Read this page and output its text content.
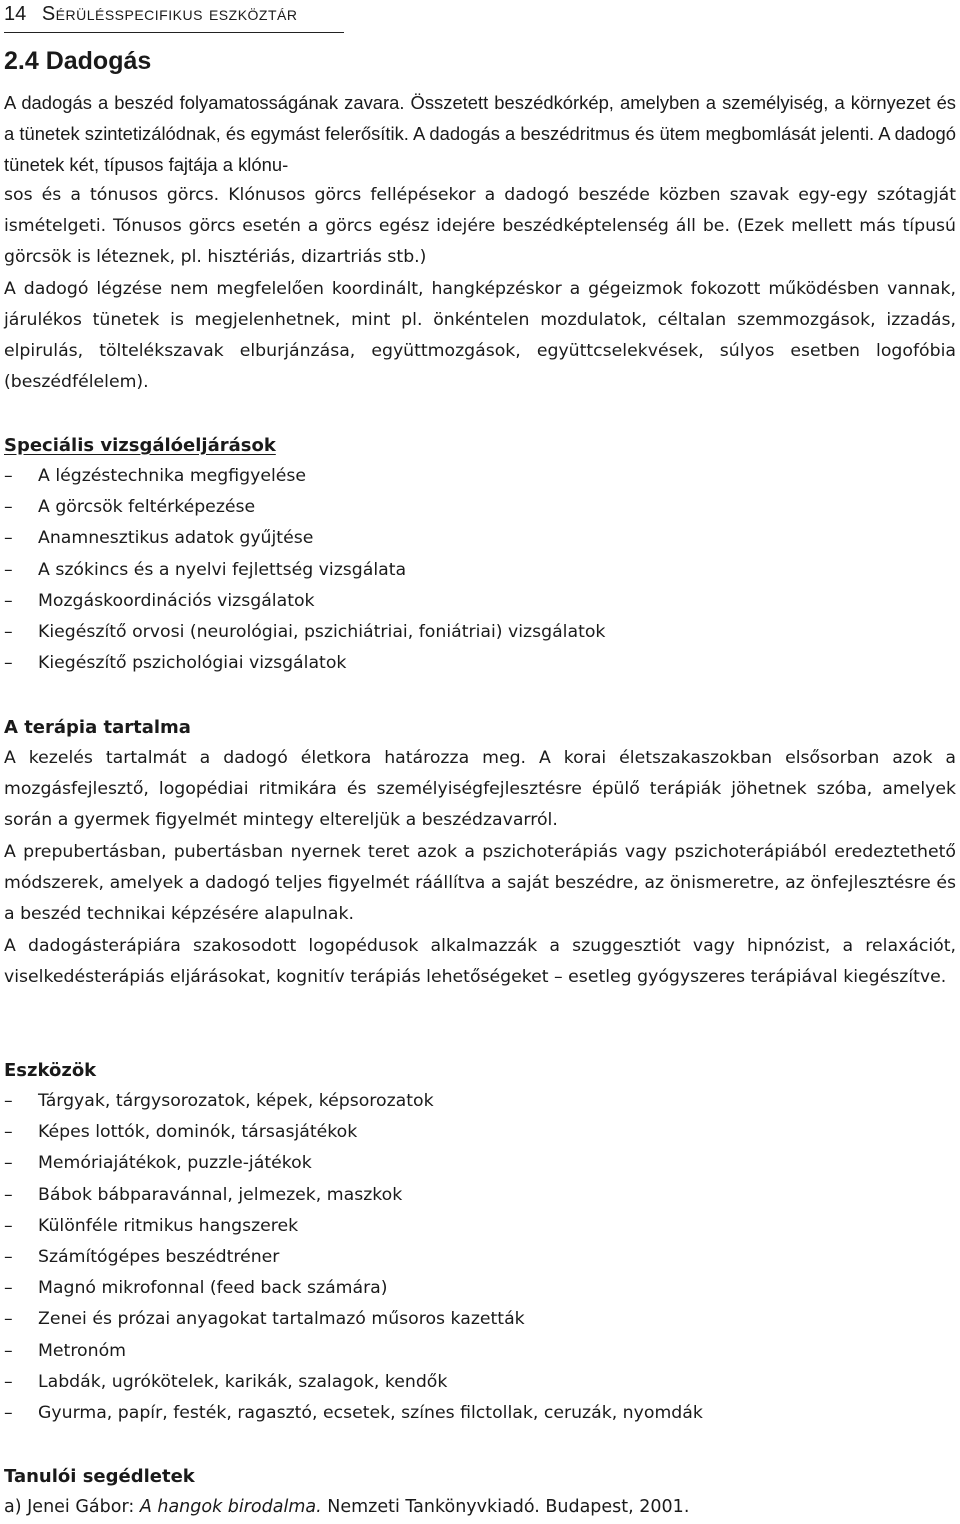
14 Sérülésspecifikus eszköztár
2.4 Dadogás

A dadogás a beszéd folyamatosságának zavara. Összetett beszédkórkép, amelyben a személyiség, a környezet és a tünetek szintetizálódnak, és egymást felerősítik. A dadogás a beszédritmus és ütem megbomlását jelenti. A dadogó tünetek két, típusos fajtája a klónu-

sos és a tónusos görcs. Klónusos görcs fellépésekor a dadogó beszéde közben szavak egy-egy szótagját ismételgeti. Tónusos görcs esetén a görcs egész idejére beszédképtelenség áll be. (Ezek mellett más típusú görcsök is léteznek, pl. hisztériás, dizartriás stb.)

A dadogó légzése nem megfelelően koordinált, hangképzéskor a gégeizmok fokozott működésben vannak, járulékos tünetek is megjelenhetnek, mint pl. önkéntelen mozdulatok, céltalan szemmozgások, izzadás, elpirulás, töltelékszavak elburjánzása, együttmozgások, együttcselekvések, súlyos esetben logofóbia (beszédfélelem).

Speciális vizsgálóeljárások
– A légzéstechnika megfigyelése
– A görcsök feltérképezése
– Anamnesztikus adatok gyűjtése
– A szókincs és a nyelvi fejlettség vizsgálata
– Mozgáskoordinációs vizsgálatok
– Kiegészítő orvosi (neurológiai, pszichiátriai, foniátriai) vizsgálatok
– Kiegészítő pszichológiai vizsgálatok
A terápia tartalma

A kezelés tartalmát a dadogó életkora határozza meg. A korai életszakaszokban elsősorban azok a mozgásfejlesztő, logopédiai ritmikára és személyiségfejlesztésre épülő terápiák jöhetnek szóba, amelyek során a gyermek figyelmét mintegy eltereljük a beszédzavarról.

A prepubertásban, pubertásban nyernek teret azok a pszichoterápiás vagy pszichoterápiából eredeztethető módszerek, amelyek a dadogó teljes figyelmét ráállítva a saját beszédre, az önismeretre, az önfejlesztésre és a beszéd technikai képzésére alapulnak.

A dadogásterápiára szakosodott logopédusok alkalmazzák a szuggesztiót vagy hipnózist, a relaxációt, viselkedésterápiás eljárásokat, kognitív terápiás lehetőségeket – esetleg gyógyszeres terápiával kiegészítve.

Eszközök
– Tárgyak, tárgysorozatok, képek, képsorozatok
– Képes lottók, dominók, társasjátékok
– Memóriajátékok, puzzle-játékok
– Bábok bábparavánnal, jelmezek, maszkok
– Különféle ritmikus hangszerek
– Számítógépes beszédtréner
– Magnó mikrofonnal (feed back számára)
– Zenei és prózai anyagokat tartalmazó műsoros kazetták
– Metronóm
– Labdák, ugrókötelek, karikák, szalagok, kendők
– Gyurma, papír, festék, ragasztó, ecsetek, színes filctollak, ceruzák, nyomdák
Tanulói segédletek
a) Jenei Gábor: A hangok birodalma. Nemzeti Tankönyvkiadó. Budapest, 2001.
